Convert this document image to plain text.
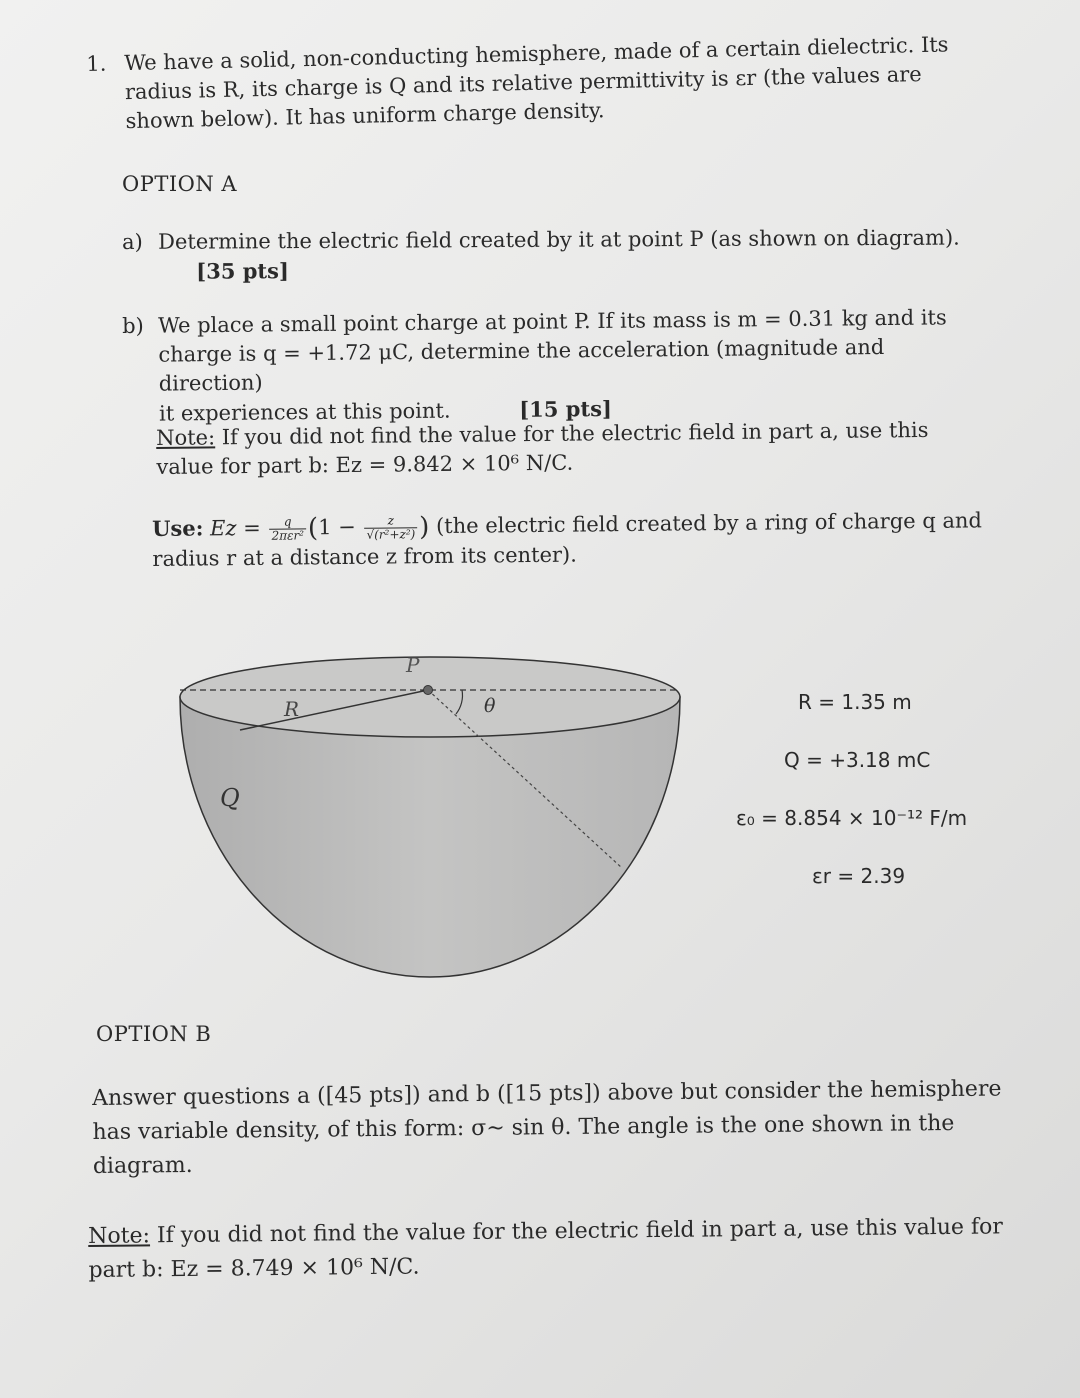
1. We have a solid, non-conducting hemisphere, made of a certain dielectric. Its radius is R, its charge is Q and its relative permittivity is εr (the values are shown below). It has uniform charge density.
OPTION A
a) Determine the electric field created by it at point P (as shown on diagram).
[35 pts]
b) We place a small point charge at point P. If its mass is m = 0.31 kg and its
charge is q = +1.72 μC, determine the acceleration (magnitude and direction)
it experiences at this point.	[15 pts]
Note: If you did not find the value for the electric field in part a, use this value for part b: Ez = 9.842 × 10⁶ N/C.
Use: $Ez = \frac{q}{\text{2πεr²}} (1 - \frac{z}{\text{√(r²+z²)}}$ ) (the electric field created by a ring of charge q and
radius r at a distance z from its center).
P
R	θ
Q
R = 1.35 m
Q = +3.18 mC
ε₀ = 8.854 × 10⁻¹² F/m
εr = 2.39
OPTION B
Answer questions a ([45 pts]) and b ([15 pts]) above but consider the hemisphere has variable density, of this form: σ~ sin θ. The angle is the one shown in the diagram.
Note: If you did not find the value for the electric field in part a, use this value for part b: Ez = 8.749 × 10⁶ N/C.
